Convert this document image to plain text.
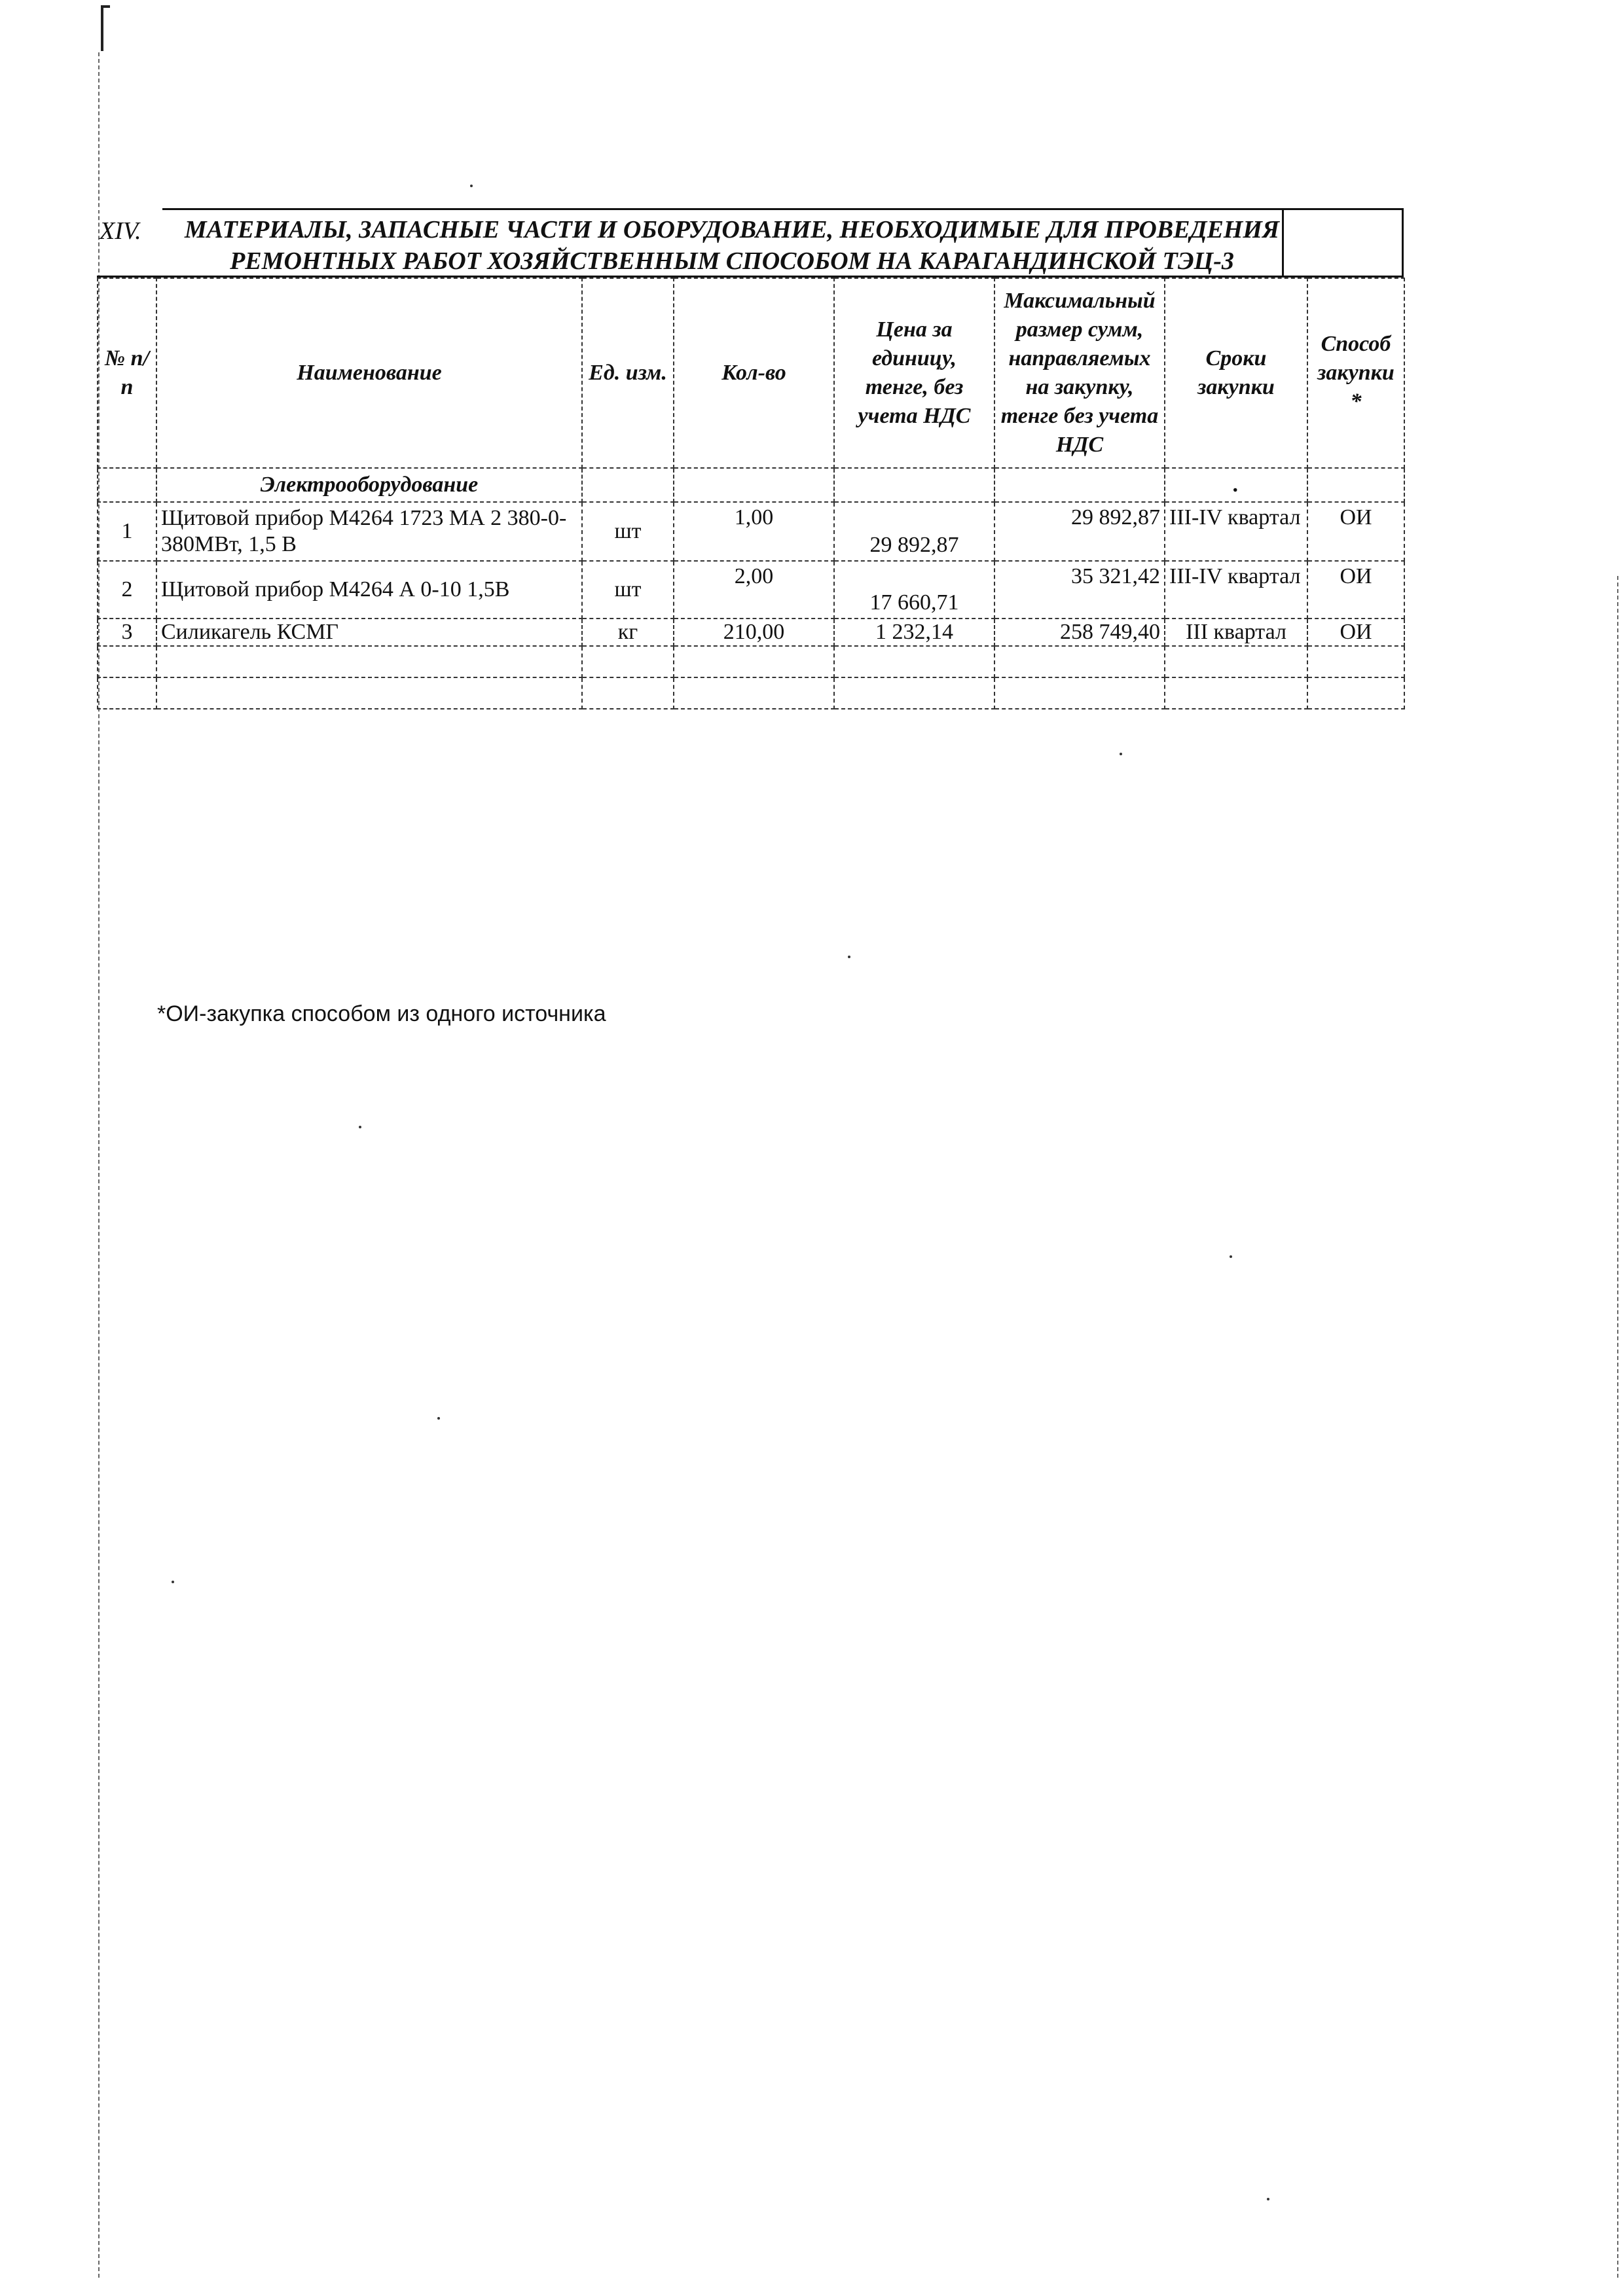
XIV.	МАТЕРИАЛЫ, ЗАПАСНЫЕ ЧАСТИ И ОБОРУДОВАНИЕ, НЕОБХОДИМЫЕ ДЛЯ ПРОВЕДЕНИЯ
РЕМОНТНЫХ РАБОТ ХОЗЯЙСТВЕННЫМ СПОСОБОМ НА КАРАГАНДИНСКОЙ ТЭЦ-3
№ п/п	Наименование	Ед. изм.	Кол-во	Цена за единицу, тенге, без учета НДС	Максимальный размер сумм, направляемых на закупку, тенге без учета НДС	Сроки закупки	Способ закупки *
	Электрооборудование					.	
1	Щитовой прибор М4264 1723 МА 2 380-0-380МВт, 1,5 В	шт	1,00	29 892,87	29 892,87	III-IV квартал	ОИ
2	Щитовой прибор М4264 А 0-10 1,5В	шт	2,00	17 660,71	35 321,42	III-IV квартал	ОИ
3	Силикагель КСМГ	кг	210,00	1 232,14	258 749,40	III квартал	ОИ

*ОИ-закупка способом из одного источника
